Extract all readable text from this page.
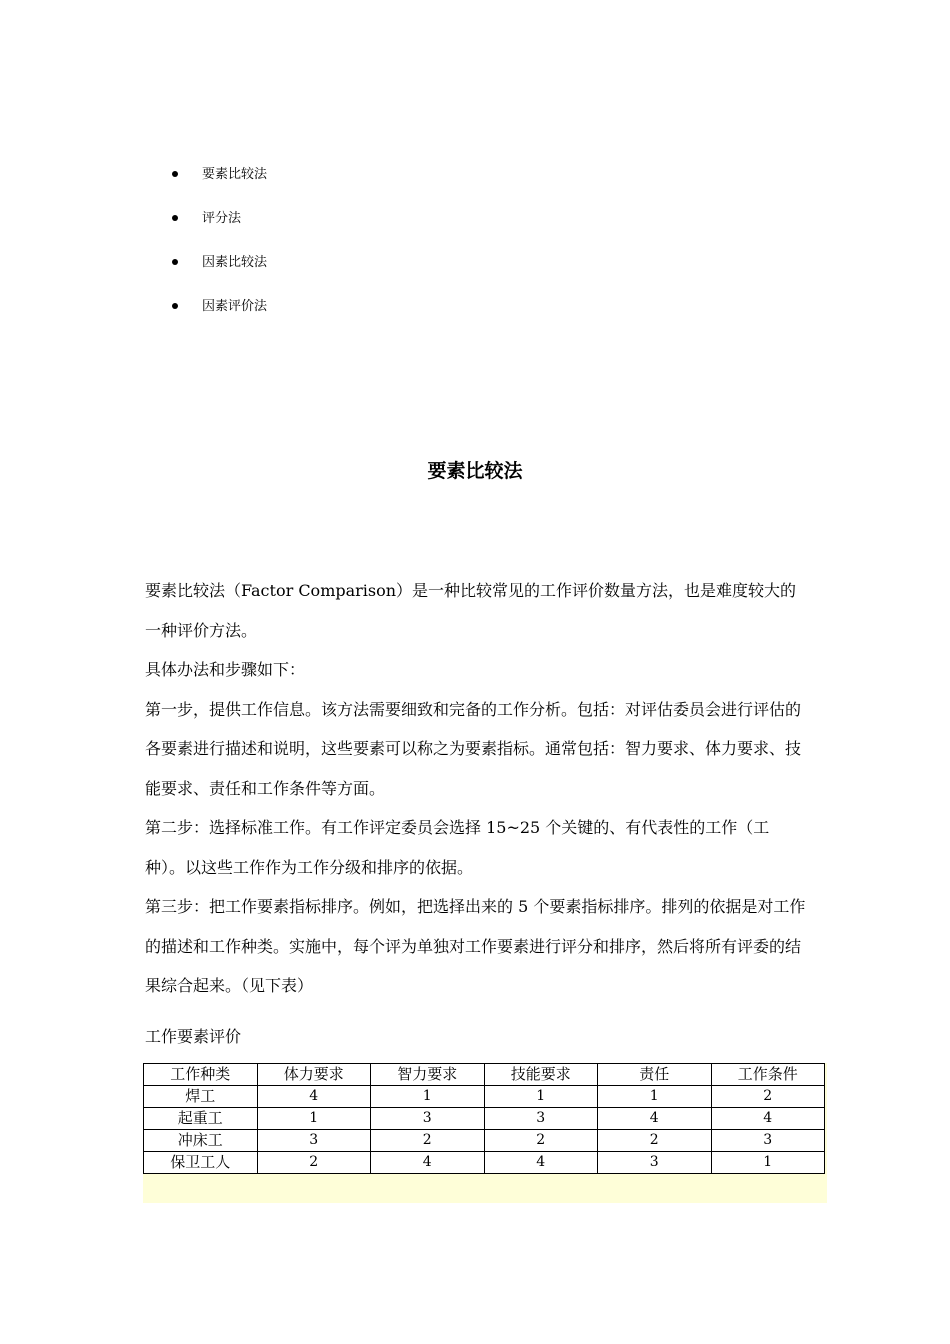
要素比较法
评分法
因素比较法
因素评价法
要素比较法

要素比较法（Factor Comparison）是一种比较常见的工作评价数量方法，也是难度较大的一种评价方法。

具体办法和步骤如下：

第一步，提供工作信息。该方法需要细致和完备的工作分析。包括：对评估委员会进行评估的各要素进行描述和说明，这些要素可以称之为要素指标。通常包括：智力要求、体力要求、技能要求、责任和工作条件等方面。

第二步：选择标准工作。有工作评定委员会选择 15~25 个关键的、有代表性的工作（工种）。以这些工作作为工作分级和排序的依据。

第三步：把工作要素指标排序。例如，把选择出来的 5 个要素指标排序。排列的依据是对工作的描述和工作种类。实施中，每个评为单独对工作要素进行评分和排序，然后将所有评委的结果综合起来。（见下表）

工作要素评价

工作种类	体力要求	智力要求	技能要求	责任	工作条件
焊工	4	1	1	1	2
起重工	1	3	3	4	4
冲床工	3	2	2	2	3
保卫工人	2	4	4	3	1
